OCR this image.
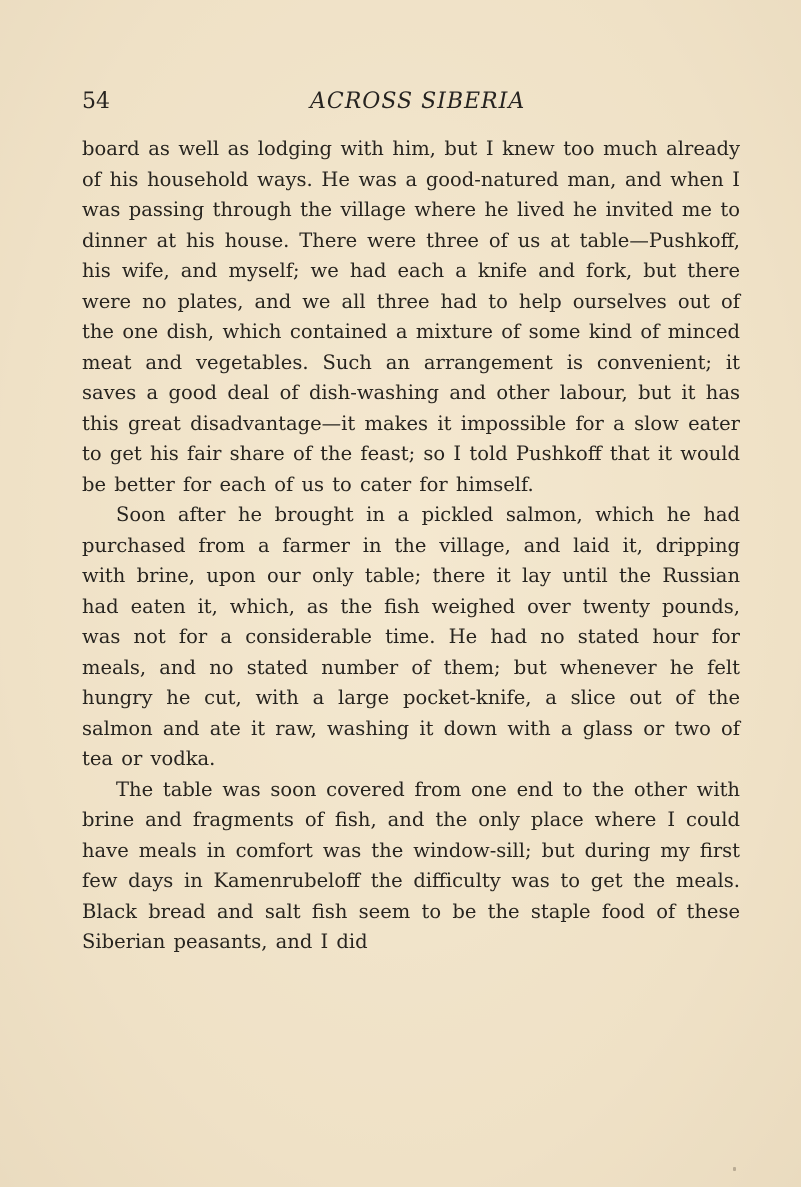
54	ACROSS SIBERIA

board as well as lodging with him, but I knew too much already of his household ways. He was a good-natured man, and when I was passing through the village where he lived he invited me to dinner at his house. There were three of us at table—Pushkoff, his wife, and myself; we had each a knife and fork, but there were no plates, and we all three had to help ourselves out of the one dish, which contained a mixture of some kind of minced meat and vegetables. Such an arrangement is convenient; it saves a good deal of dish-washing and other labour, but it has this great disadvantage—it makes it impossible for a slow eater to get his fair share of the feast; so I told Pushkoff that it would be better for each of us to cater for himself.

Soon after he brought in a pickled salmon, which he had purchased from a farmer in the village, and laid it, dripping with brine, upon our only table; there it lay until the Russian had eaten it, which, as the fish weighed over twenty pounds, was not for a considerable time. He had no stated hour for meals, and no stated number of them; but whenever he felt hungry he cut, with a large pocket-knife, a slice out of the salmon and ate it raw, washing it down with a glass or two of tea or vodka.

The table was soon covered from one end to the other with brine and fragments of fish, and the only place where I could have meals in comfort was the window-sill; but during my first few days in Kamenrubeloff the difficulty was to get the meals. Black bread and salt fish seem to be the staple food of these Siberian peasants, and I did
